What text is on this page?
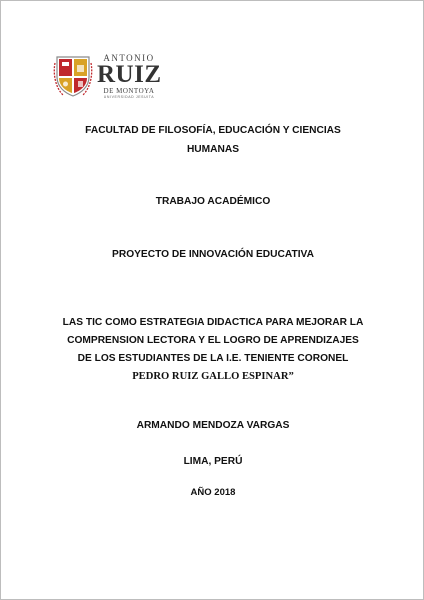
ANTONIO
RUIZ
DE MONTOYA
UNIVERSIDAD JESUITA
FACULTAD DE FILOSOFÍA, EDUCACIÓN Y CIENCIAS
HUMANAS
TRABAJO ACADÉMICO
PROYECTO DE INNOVACIÓN EDUCATIVA
LAS TIC COMO ESTRATEGIA DIDACTICA PARA MEJORAR LA
COMPRENSION LECTORA Y EL LOGRO DE APRENDIZAJES
DE LOS ESTUDIANTES DE LA I.E. TENIENTE CORONEL
PEDRO RUIZ GALLO ESPINAR”
ARMANDO MENDOZA VARGAS
LIMA, PERÚ
AÑO 2018
